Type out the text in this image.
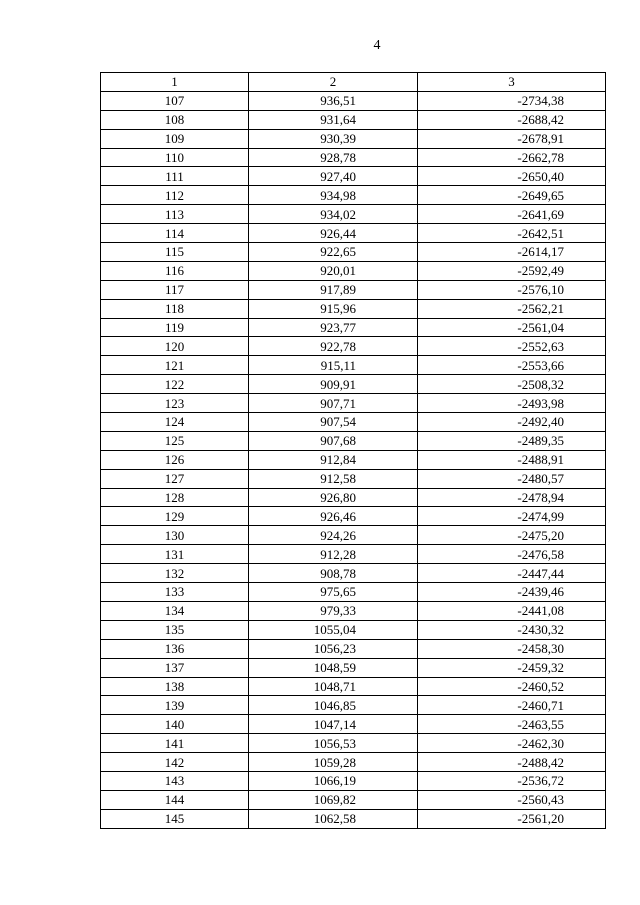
4
1	2	3
107	936,51	-2734,38
108	931,64	-2688,42
109	930,39	-2678,91
110	928,78	-2662,78
111	927,40	-2650,40
112	934,98	-2649,65
113	934,02	-2641,69
114	926,44	-2642,51
115	922,65	-2614,17
116	920,01	-2592,49
117	917,89	-2576,10
118	915,96	-2562,21
119	923,77	-2561,04
120	922,78	-2552,63
121	915,11	-2553,66
122	909,91	-2508,32
123	907,71	-2493,98
124	907,54	-2492,40
125	907,68	-2489,35
126	912,84	-2488,91
127	912,58	-2480,57
128	926,80	-2478,94
129	926,46	-2474,99
130	924,26	-2475,20
131	912,28	-2476,58
132	908,78	-2447,44
133	975,65	-2439,46
134	979,33	-2441,08
135	1055,04	-2430,32
136	1056,23	-2458,30
137	1048,59	-2459,32
138	1048,71	-2460,52
139	1046,85	-2460,71
140	1047,14	-2463,55
141	1056,53	-2462,30
142	1059,28	-2488,42
143	1066,19	-2536,72
144	1069,82	-2560,43
145	1062,58	-2561,20
